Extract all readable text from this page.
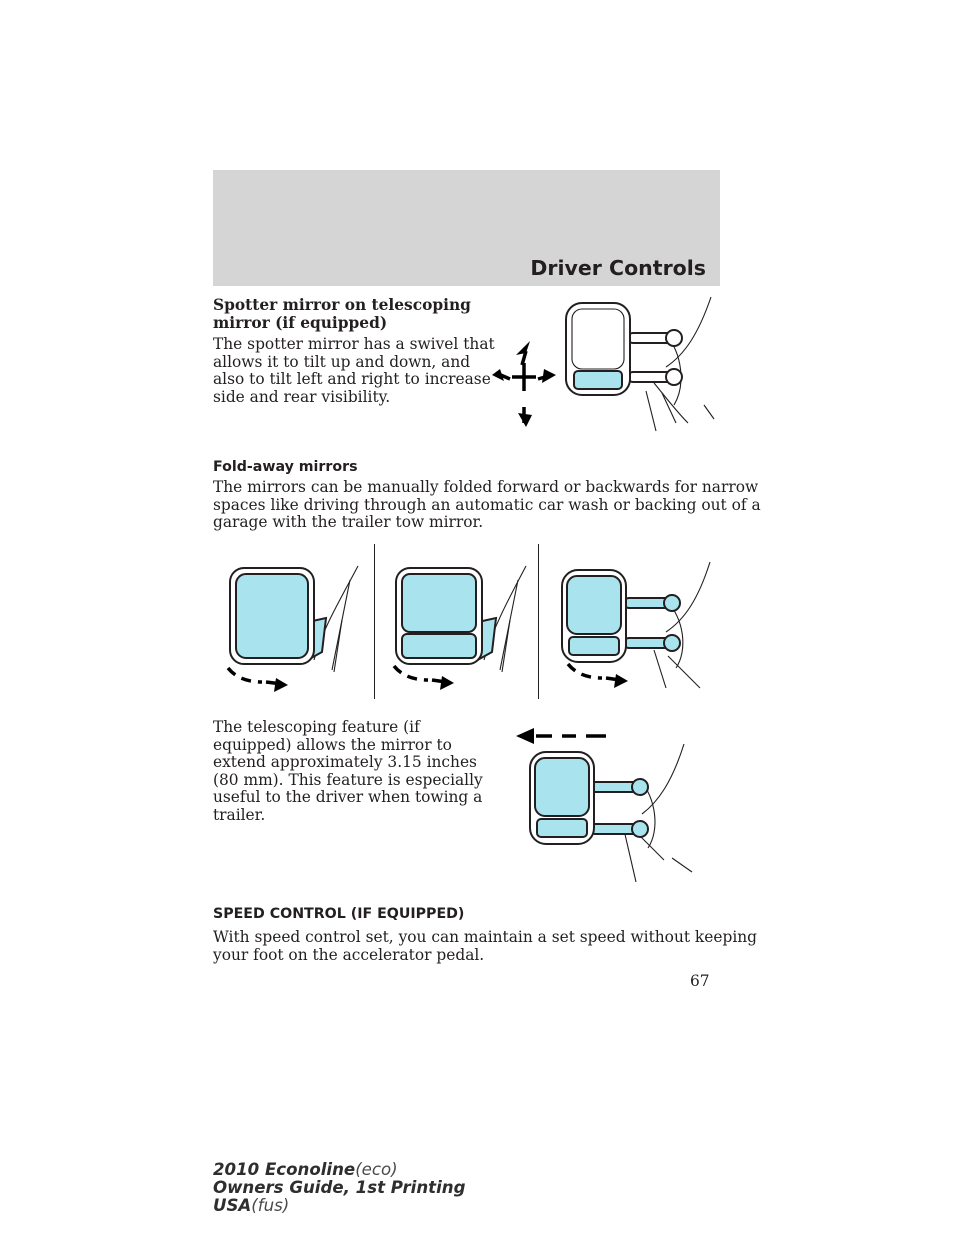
Driver Controls
Spotter mirror on telescoping
mirror (if equipped)
The spotter mirror has a swivel that
allows it to tilt up and down, and
also to tilt left and right to increase
side and rear visibility.
Fold-away mirrors
The mirrors can be manually folded forward or backwards for narrow
spaces like driving through an automatic car wash or backing out of a
garage with the trailer tow mirror.
The telescoping feature (if
equipped) allows the mirror to
extend approximately 3.15 inches
(80 mm). This feature is especially
useful to the driver when towing a
trailer.
SPEED CONTROL (IF EQUIPPED)
With speed control set, you can maintain a set speed without keeping
your foot on the accelerator pedal.
67
2010 Econoline(eco)
Owners Guide, 1st Printing
USA(fus)
